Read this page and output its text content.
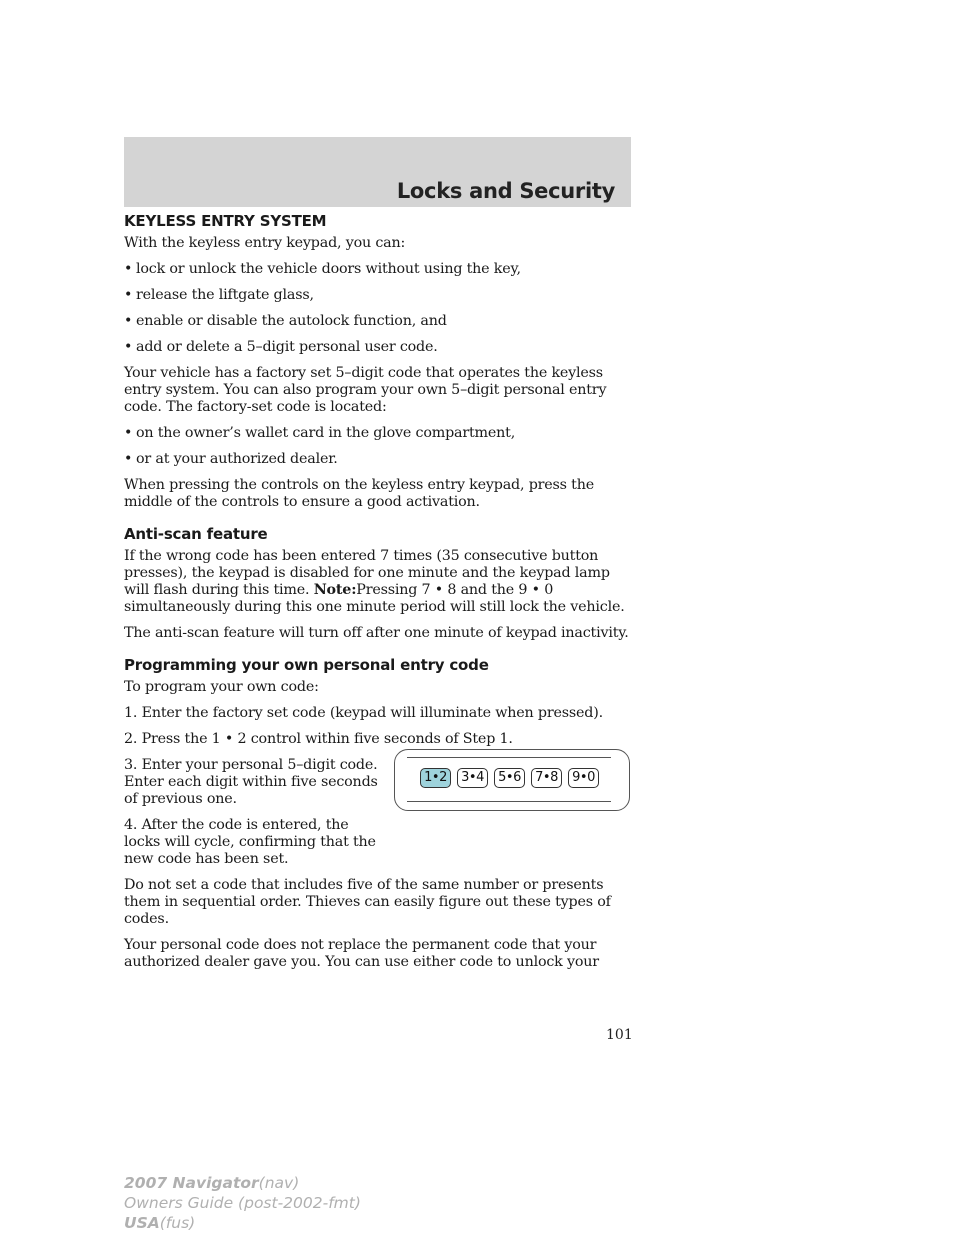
Locks and Security
KEYLESS ENTRY SYSTEM

With the keyless entry keypad, you can:

• lock or unlock the vehicle doors without using the key,
• release the liftgate glass,
• enable or disable the autolock function, and
• add or delete a 5–digit personal user code.

Your vehicle has a factory set 5–digit code that operates the keyless entry system. You can also program your own 5–digit personal entry code. The factory-set code is located:

• on the owner’s wallet card in the glove compartment,
• or at your authorized dealer.

When pressing the controls on the keyless entry keypad, press the middle of the controls to ensure a good activation.

Anti-scan feature

If the wrong code has been entered 7 times (35 consecutive button presses), the keypad is disabled for one minute and the keypad lamp will flash during this time. Note:Pressing 7 • 8 and the 9 • 0 simultaneously during this one minute period will still lock the vehicle.

The anti-scan feature will turn off after one minute of keypad inactivity.

Programming your own personal entry code

To program your own code:

1. Enter the factory set code (keypad will illuminate when pressed).

2. Press the 1 • 2 control within five seconds of Step 1.

3. Enter your personal 5–digit code. Enter each digit within five seconds of previous one.

4. After the code is entered, the locks will cycle, confirming that the new code has been set.

1•2	3•4	5•6	7•8	9•0

Do not set a code that includes five of the same number or presents them in sequential order. Thieves can easily figure out these types of codes.

Your personal code does not replace the permanent code that your authorized dealer gave you. You can use either code to unlock your

101
2007 Navigator(nav)
Owners Guide (post-2002-fmt)
USA(fus)
